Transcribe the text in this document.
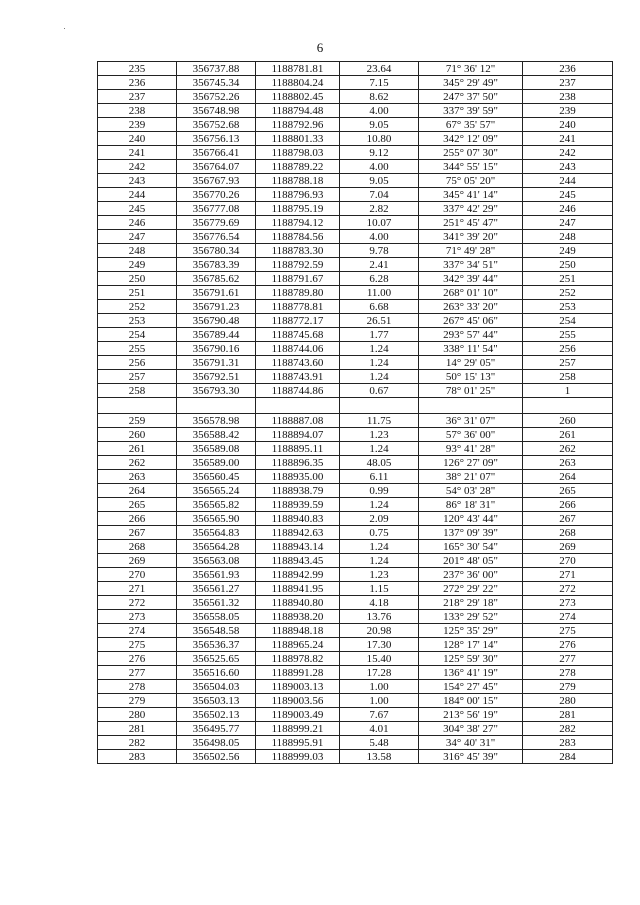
6
235	356737.88	1188781.81	23.64	71° 36' 12"	236
236	356745.34	1188804.24	7.15	345° 29' 49"	237
237	356752.26	1188802.45	8.62	247° 37' 50"	238
238	356748.98	1188794.48	4.00	337° 39' 59"	239
239	356752.68	1188792.96	9.05	67° 35' 57"	240
240	356756.13	1188801.33	10.80	342° 12' 09"	241
241	356766.41	1188798.03	9.12	255° 07' 30"	242
242	356764.07	1188789.22	4.00	344° 55' 15"	243
243	356767.93	1188788.18	9.05	75° 05' 20"	244
244	356770.26	1188796.93	7.04	345° 41' 14"	245
245	356777.08	1188795.19	2.82	337° 42' 29"	246
246	356779.69	1188794.12	10.07	251° 45' 47"	247
247	356776.54	1188784.56	4.00	341° 39' 20"	248
248	356780.34	1188783.30	9.78	71° 49' 28"	249
249	356783.39	1188792.59	2.41	337° 34' 51"	250
250	356785.62	1188791.67	6.28	342° 39' 44"	251
251	356791.61	1188789.80	11.00	268° 01' 10"	252
252	356791.23	1188778.81	6.68	263° 33' 20"	253
253	356790.48	1188772.17	26.51	267° 45' 06"	254
254	356789.44	1188745.68	1.77	293° 57' 44"	255
255	356790.16	1188744.06	1.24	338° 11' 54"	256
256	356791.31	1188743.60	1.24	14° 29' 05"	257
257	356792.51	1188743.91	1.24	50° 15' 13"	258
258	356793.30	1188744.86	0.67	78° 01' 25"	1

259	356578.98	1188887.08	11.75	36° 31' 07"	260
260	356588.42	1188894.07	1.23	57° 36' 00"	261
261	356589.08	1188895.11	1.24	93° 41' 28"	262
262	356589.00	1188896.35	48.05	126° 27' 09"	263
263	356560.45	1188935.00	6.11	38° 21' 07"	264
264	356565.24	1188938.79	0.99	54° 03' 28"	265
265	356565.82	1188939.59	1.24	86° 18' 31"	266
266	356565.90	1188940.83	2.09	120° 43' 44"	267
267	356564.83	1188942.63	0.75	137° 09' 39"	268
268	356564.28	1188943.14	1.24	165° 30' 54"	269
269	356563.08	1188943.45	1.24	201° 48' 05"	270
270	356561.93	1188942.99	1.23	237° 36' 00"	271
271	356561.27	1188941.95	1.15	272° 29' 22"	272
272	356561.32	1188940.80	4.18	218° 29' 18"	273
273	356558.05	1188938.20	13.76	133° 29' 52"	274
274	356548.58	1188948.18	20.98	125° 35' 29"	275
275	356536.37	1188965.24	17.30	128° 17' 14"	276
276	356525.65	1188978.82	15.40	125° 59' 30"	277
277	356516.60	1188991.28	17.28	136° 41' 19"	278
278	356504.03	1189003.13	1.00	154° 27' 45"	279
279	356503.13	1189003.56	1.00	184° 00' 15"	280
280	356502.13	1189003.49	7.67	213° 56' 19"	281
281	356495.77	1188999.21	4.01	304° 38' 27"	282
282	356498.05	1188995.91	5.48	34° 40' 31"	283
283	356502.56	1188999.03	13.58	316° 45' 39"	284
